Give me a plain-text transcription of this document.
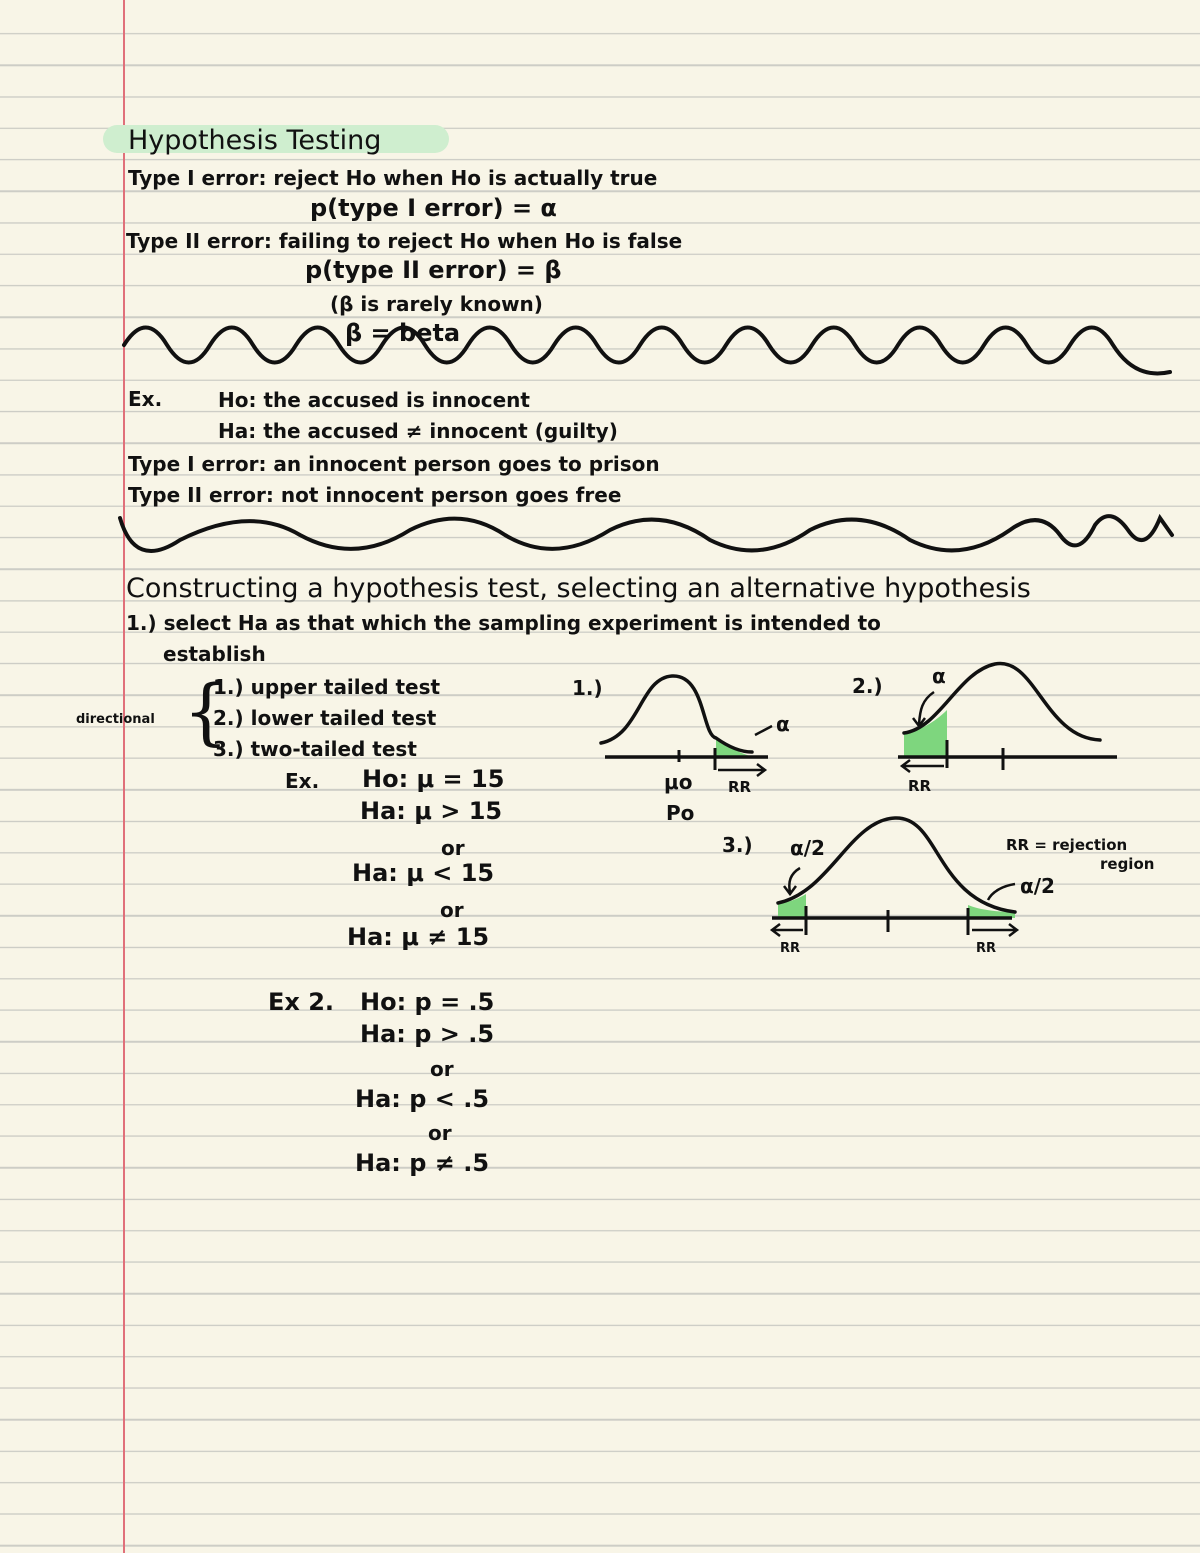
Hypothesis Testing
Type I error: reject Ho when Ho is actually true
p(type I error) = α
Type II error: failing to reject Ho when Ho is false
p(type II error) = β
(β is rarely known)
β = beta
Ex.	Ho: the accused is innocent
Ha: the accused ≠ innocent (guilty)
Type I error: an innocent person goes to prison
Type II error: not innocent person goes free
Constructing a hypothesis test, selecting an alternative hypothesis
1.) select Ha as that which the sampling experiment is intended to
establish
directional {
1.) upper tailed test
2.) lower tailed test
3.) two-tailed test
Ex. Ho: μ = 15
Ha: μ > 15
or
Ha: μ < 15
or
Ha: μ ≠ 15
Ex 2. Ho: p = .5
Ha: p > .5
or
Ha: p < .5
or
Ha: p ≠ .5
1.)
α
μo
Po
RR
2.) α
RR
3.) α/2
α/2
RR	RR
RR = rejection
region
